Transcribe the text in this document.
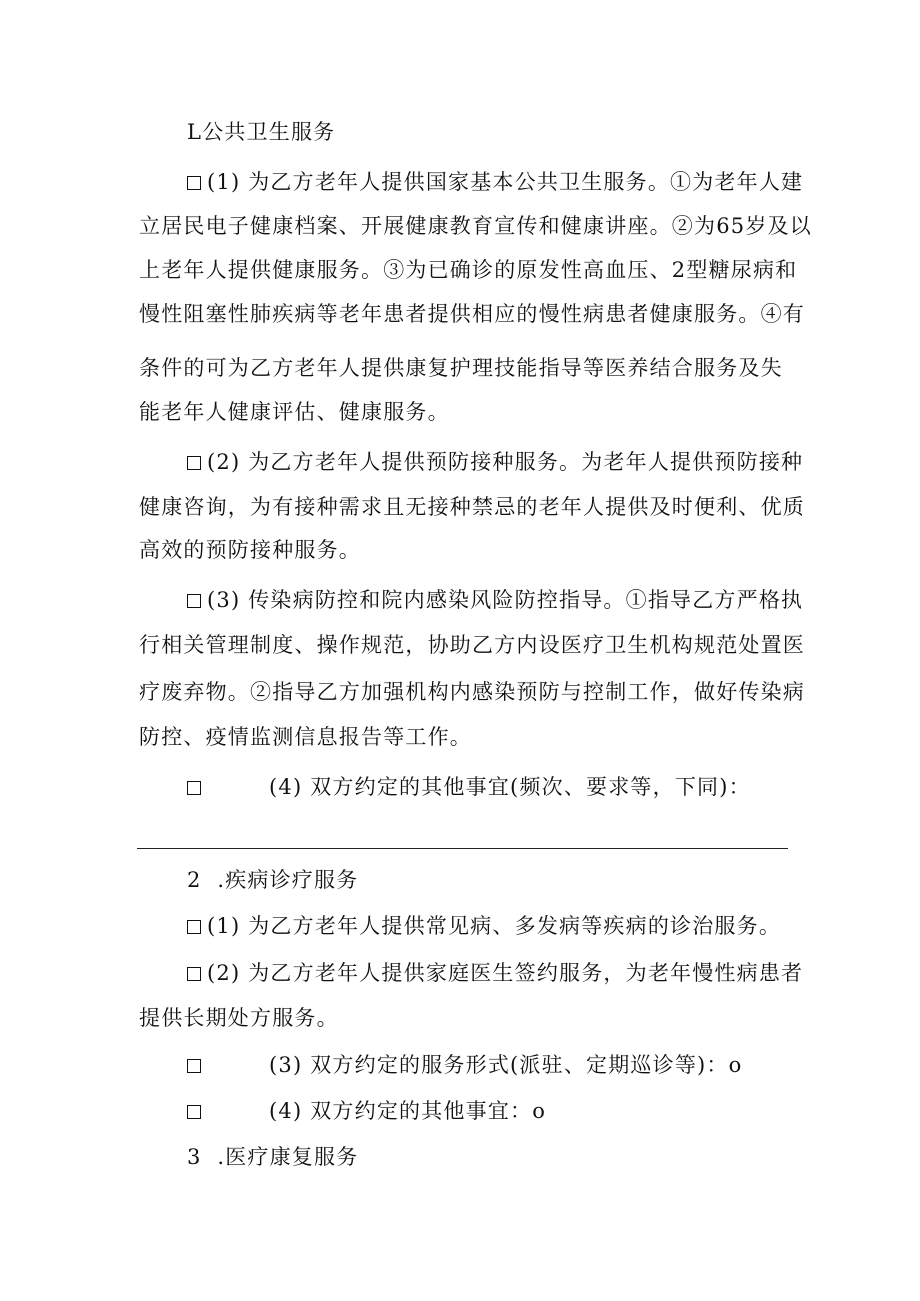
L公共卫生服务
(1) 为乙方老年人提供国家基本公共卫生服务。①为老年人建
立居民电子健康档案、开展健康教育宣传和健康讲座。②为65岁及以
上老年人提供健康服务。③为已确诊的原发性高血压、2型糖尿病和
慢性阻塞性肺疾病等老年患者提供相应的慢性病患者健康服务。④有
条件的可为乙方老年人提供康复护理技能指导等医养结合服务及失
能老年人健康评估、健康服务。
(2) 为乙方老年人提供预防接种服务。为老年人提供预防接种
健康咨询，为有接种需求且无接种禁忌的老年人提供及时便利、优质
高效的预防接种服务。
(3) 传染病防控和院内感染风险防控指导。①指导乙方严格执
行相关管理制度、操作规范，协助乙方内设医疗卫生机构规范处置医
疗废弃物。②指导乙方加强机构内感染预防与控制工作，做好传染病
防控、疫情监测信息报告等工作。
(4) 双方约定的其他事宜(频次、要求等，下同)：
2 .疾病诊疗服务
(1) 为乙方老年人提供常见病、多发病等疾病的诊治服务。
(2) 为乙方老年人提供家庭医生签约服务，为老年慢性病患者
提供长期处方服务。
(3) 双方约定的服务形式(派驻、定期巡诊等)：o
(4) 双方约定的其他事宜：o
3 .医疗康复服务
